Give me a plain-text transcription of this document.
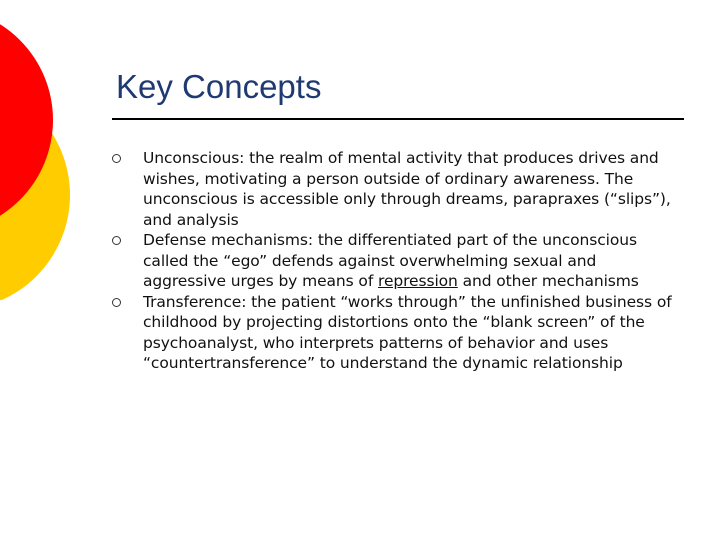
Key Concepts
Unconscious: the realm of mental activity that produces drives and wishes, motivating a person outside of ordinary awareness. The unconscious is accessible only through dreams, parapraxes (“slips”), and analysis
Defense mechanisms: the differentiated part of the unconscious called the “ego” defends against overwhelming sexual and aggressive urges by means of repression and other mechanisms
Transference: the patient “works through” the unfinished business of childhood by projecting distortions onto the “blank screen” of the psychoanalyst, who interprets patterns of behavior and uses “countertransference” to understand the dynamic relationship
